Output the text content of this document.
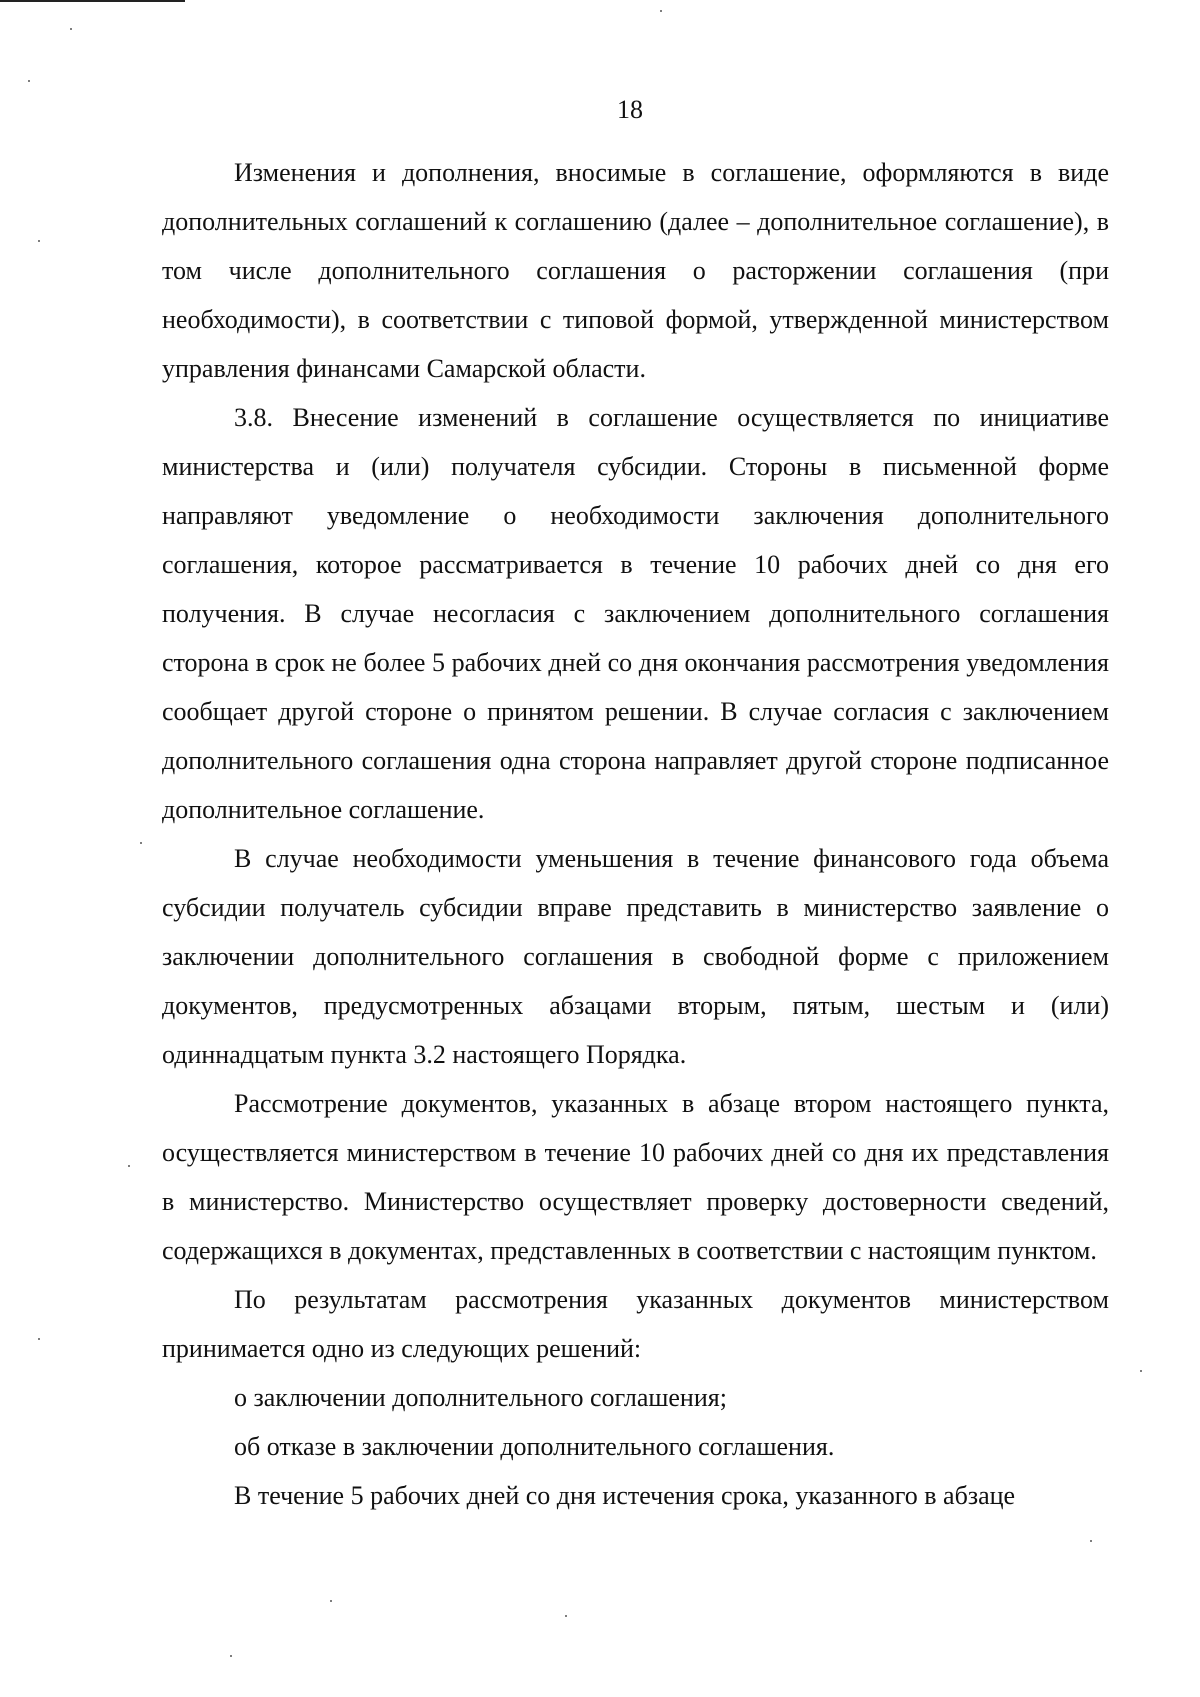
18

Изменения и дополнения, вносимые в соглашение, оформляются в виде дополнительных соглашений к соглашению (далее – дополнительное соглашение), в том числе дополнительного соглашения о расторжении соглашения (при необходимости), в соответствии с типовой формой, утвержденной министерством управления финансами Самарской области.

3.8. Внесение изменений в соглашение осуществляется по инициативе министерства и (или) получателя субсидии. Стороны в письменной форме направляют уведомление о необходимости заключения дополнительного соглашения, которое рассматривается в течение 10 рабочих дней со дня его получения. В случае несогласия с заключением дополнительного соглашения сторона в срок не более 5 рабочих дней со дня окончания рассмотрения уведомления сообщает другой стороне о принятом решении. В случае согласия с заключением дополнительного соглашения одна сторона направляет другой стороне подписанное дополнительное соглашение.

В случае необходимости уменьшения в течение финансового года объема субсидии получатель субсидии вправе представить в министерство заявление о заключении дополнительного соглашения в свободной форме с приложением документов, предусмотренных абзацами вторым, пятым, шестым и (или) одиннадцатым пункта 3.2 настоящего Порядка.

Рассмотрение документов, указанных в абзаце втором настоящего пункта, осуществляется министерством в течение 10 рабочих дней со дня их представления в министерство. Министерство осуществляет проверку достоверности сведений, содержащихся в документах, представленных в соответствии с настоящим пунктом.

По результатам рассмотрения указанных документов министерством принимается одно из следующих решений:

о заключении дополнительного соглашения;

об отказе в заключении дополнительного соглашения.

В течение 5 рабочих дней со дня истечения срока, указанного в абзаце
